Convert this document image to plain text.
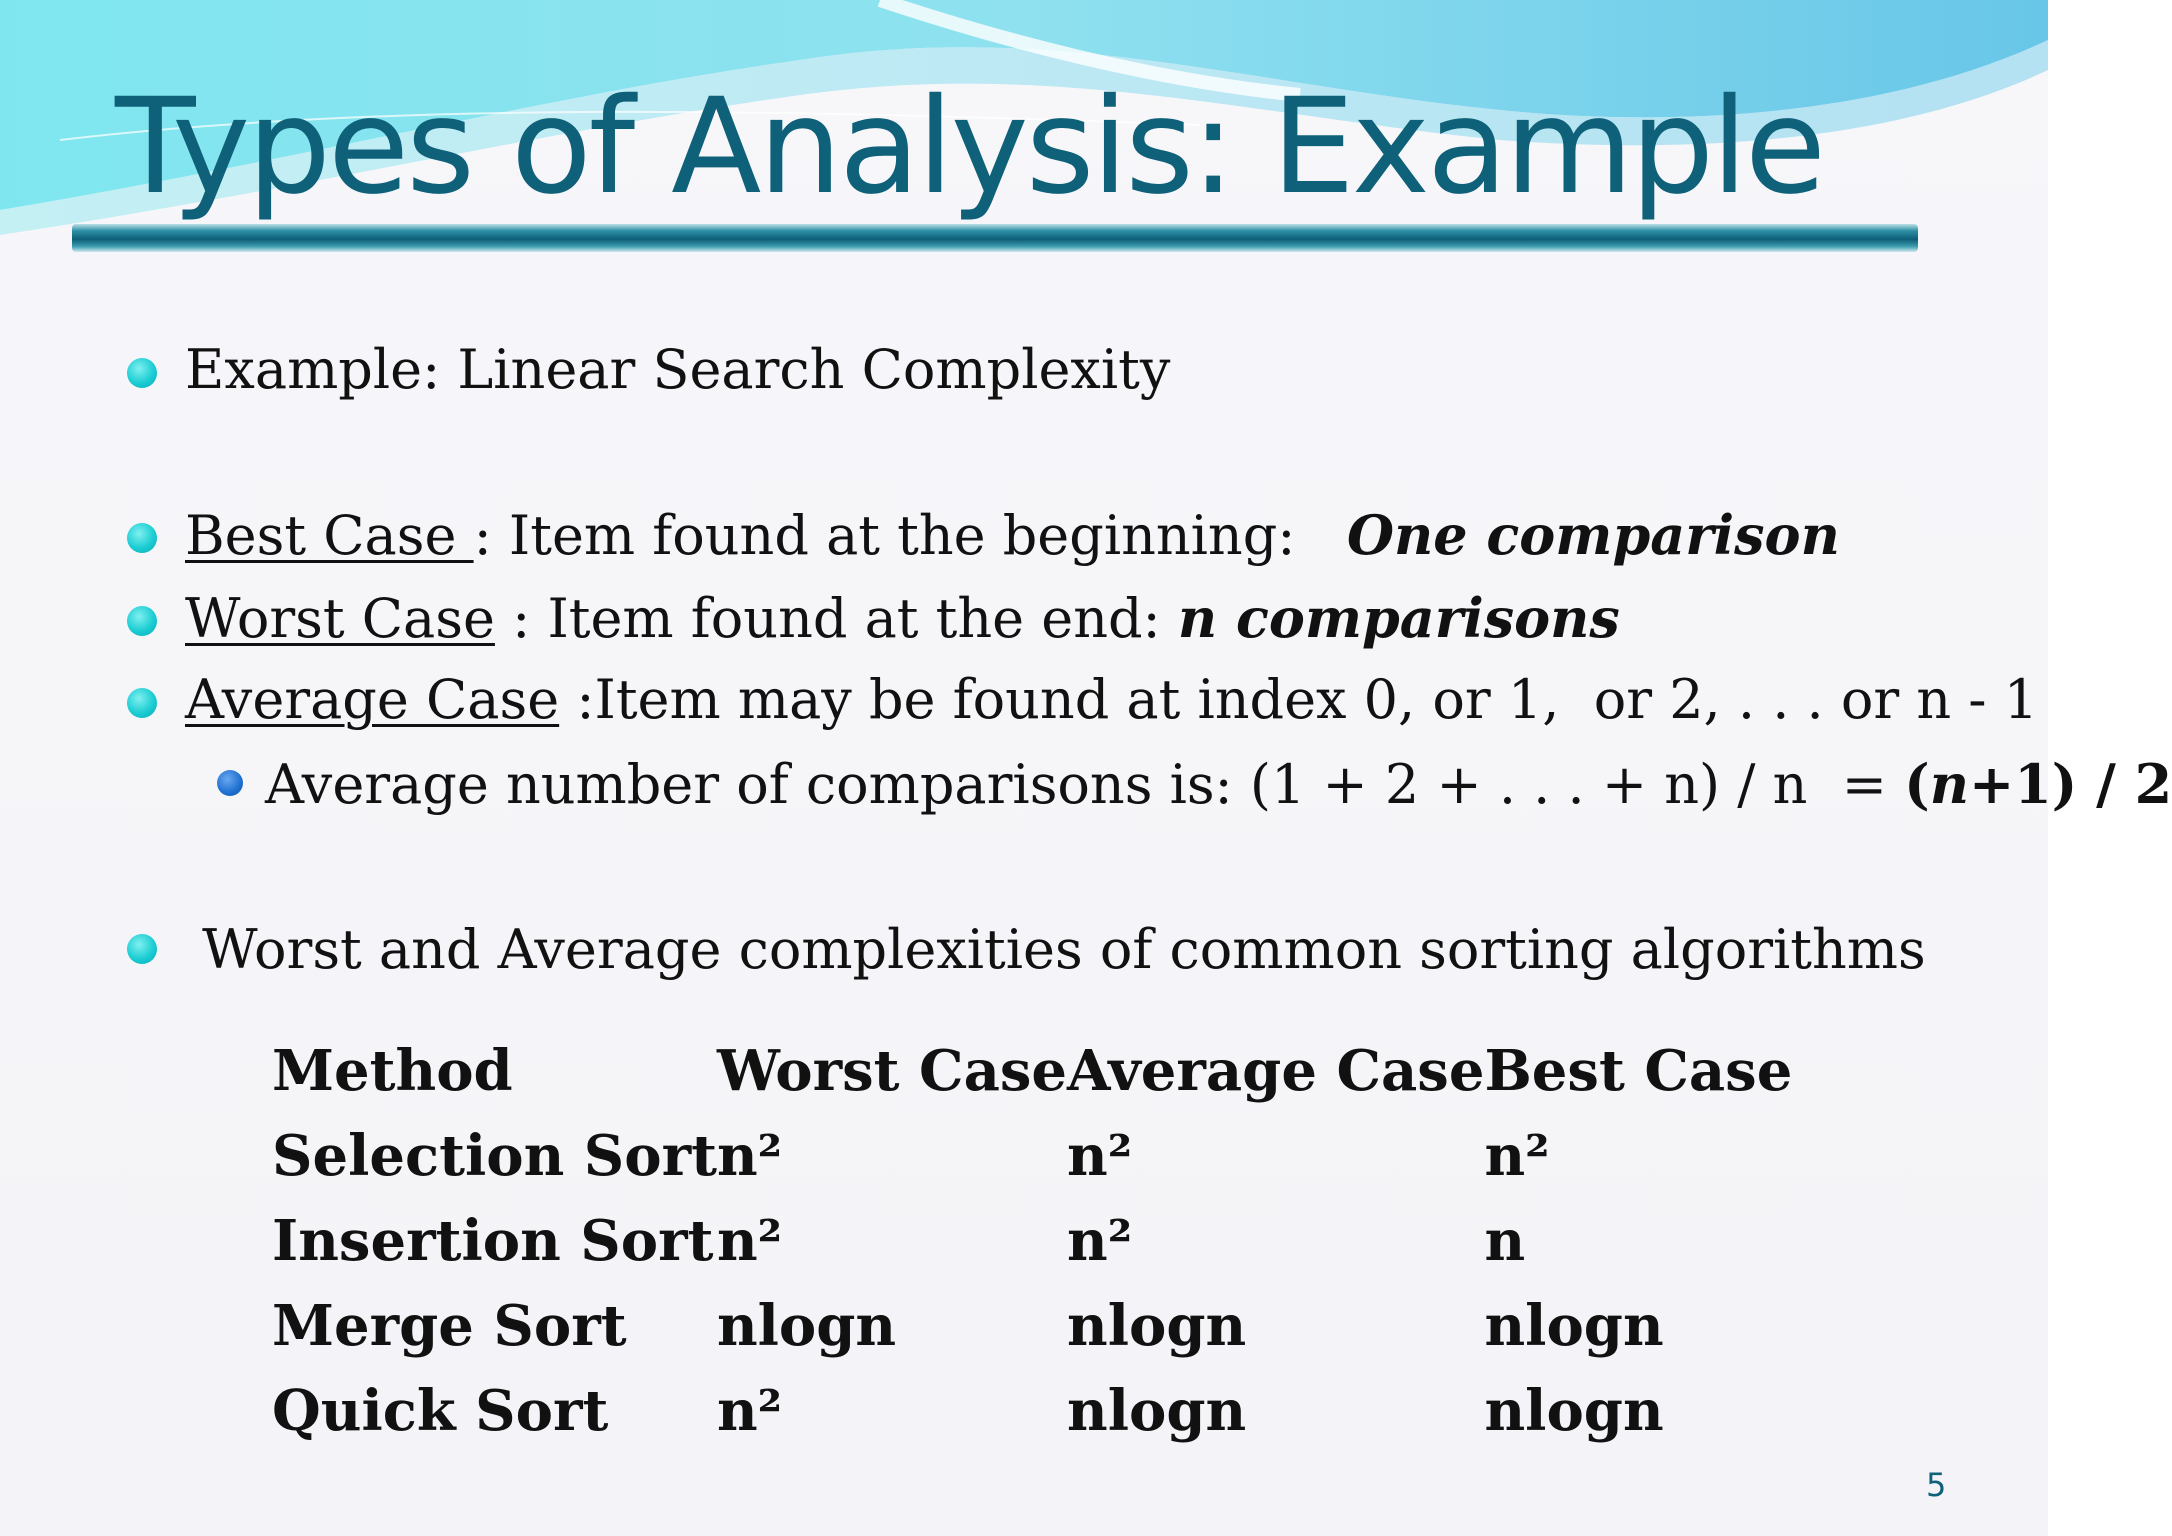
Types of Analysis: Example
Example: Linear Search Complexity
Best Case : Item found at the beginning:   One comparison
Worst Case : Item found at the end: n comparisons
Average Case :Item may be found at index 0, or 1,  or 2, . . . or n - 1
Average number of comparisons is: (1 + 2 + . . . + n) / n  = (n+1) / 2
Worst and Average complexities of common sorting algorithms
Method	Worst Case	Average Case	Best Case
Selection Sort	n²	n²	n²
Insertion Sort	n²	n²	n
Merge Sort	nlogn	nlogn	nlogn
Quick Sort	n²	nlogn	nlogn
5
